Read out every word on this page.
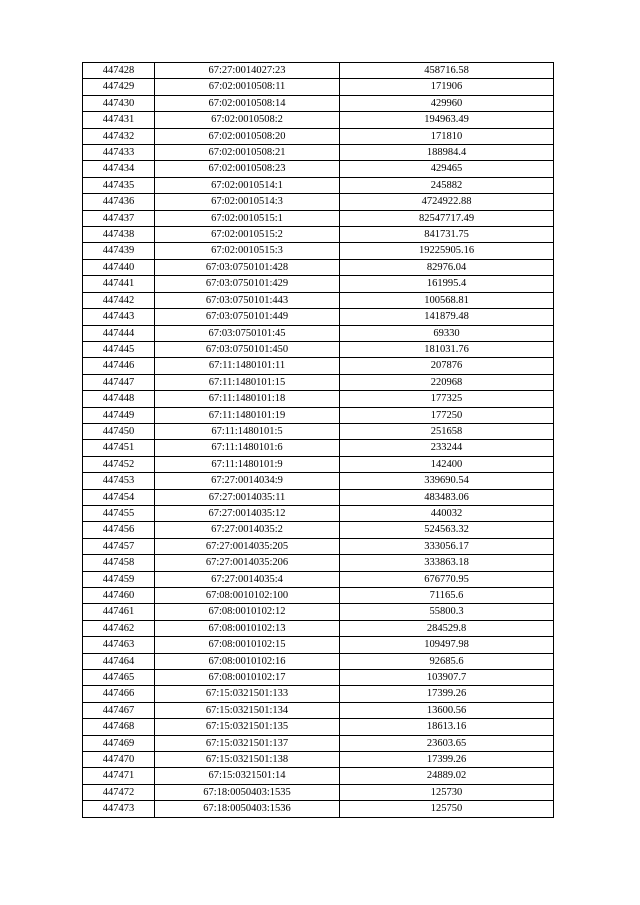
447428	67:27:0014027:23	458716.58
447429	67:02:0010508:11	171906
447430	67:02:0010508:14	429960
447431	67:02:0010508:2	194963.49
447432	67:02:0010508:20	171810
447433	67:02:0010508:21	188984.4
447434	67:02:0010508:23	429465
447435	67:02:0010514:1	245882
447436	67:02:0010514:3	4724922.88
447437	67:02:0010515:1	82547717.49
447438	67:02:0010515:2	841731.75
447439	67:02:0010515:3	19225905.16
447440	67:03:0750101:428	82976.04
447441	67:03:0750101:429	161995.4
447442	67:03:0750101:443	100568.81
447443	67:03:0750101:449	141879.48
447444	67:03:0750101:45	69330
447445	67:03:0750101:450	181031.76
447446	67:11:1480101:11	207876
447447	67:11:1480101:15	220968
447448	67:11:1480101:18	177325
447449	67:11:1480101:19	177250
447450	67:11:1480101:5	251658
447451	67:11:1480101:6	233244
447452	67:11:1480101:9	142400
447453	67:27:0014034:9	339690.54
447454	67:27:0014035:11	483483.06
447455	67:27:0014035:12	440032
447456	67:27:0014035:2	524563.32
447457	67:27:0014035:205	333056.17
447458	67:27:0014035:206	333863.18
447459	67:27:0014035:4	676770.95
447460	67:08:0010102:100	71165.6
447461	67:08:0010102:12	55800.3
447462	67:08:0010102:13	284529.8
447463	67:08:0010102:15	109497.98
447464	67:08:0010102:16	92685.6
447465	67:08:0010102:17	103907.7
447466	67:15:0321501:133	17399.26
447467	67:15:0321501:134	13600.56
447468	67:15:0321501:135	18613.16
447469	67:15:0321501:137	23603.65
447470	67:15:0321501:138	17399.26
447471	67:15:0321501:14	24889.02
447472	67:18:0050403:1535	125730
447473	67:18:0050403:1536	125750
